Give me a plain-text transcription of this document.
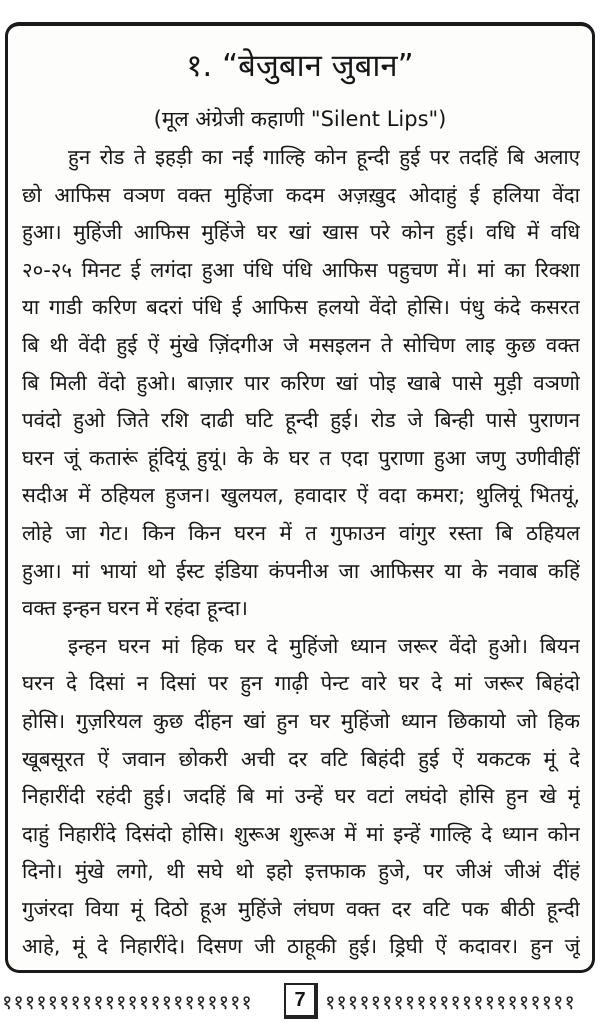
१. “बेजुबान जुबान”
(मूल अंग्रेजी कहाणी "Silent Lips")
हुन रोड ते इहड़ी का नईं गाल्हि कोन हून्दी हुई पर तदहिं बि अलाए
छो आफिस वञण वक्त मुहिंजा कदम अज़ख़ुद ओदाहुं ई हलिया वेंदा
हुआ। मुहिंजी आफिस मुहिंजे घर खां खास परे कोन हुई। वधि में वधि
२०-२५ मिनट ई लगंदा हुआ पंधि पंधि आफिस पहुचण में। मां का रिक्शा
या गाडी करिण बदरां पंधि ई आफिस हलयो वेंदो होसि। पंधु कंदे कसरत
बि थी वेंदी हुई ऐं मुंखे ज़िंदगीअ जे मसइलन ते सोचिण लाइ कुछ वक्त
बि मिली वेंदो हुओ। बाज़ार पार करिण खां पोइ खाबे पासे मुड़ी वञणो
पवंदो हुओ जिते रशि दाढी घटि हून्दी हुई। रोड जे बिन्ही पासे पुराणन
घरन जूं कतारूं हूंदियूं हुयूं। के के घर त एदा पुराणा हुआ जणु उणीवीहीं
सदीअ में ठहियल हुजन। खुलयल, हवादार ऐं वदा कमरा; थुलियूं भितयूं,
लोहे जा गेट। किन किन घरन में त गुफाउन वांगुर रस्ता बि ठहियल
हुआ। मां भायां थो ईस्ट इंडिया कंपनीअ जा आफिसर या के नवाब कहिं
वक्त इन्हन घरन में रहंदा हून्दा।
इन्हन घरन मां हिक घर दे मुहिंजो ध्यान जरूर वेंदो हुओ। बियन
घरन दे दिसां न दिसां पर हुन गाढ़ी पेन्ट वारे घर दे मां जरूर बिहंदो
होसि। गुज़रियल कुछ दींहन खां हुन घर मुहिंजो ध्यान छिकायो जो हिक
खूबसूरत ऐं जवान छोकरी अची दर वटि बिहंदी हुई ऐं यकटक मूं दे
निहारींदी रहंदी हुई। जदहिं बि मां उन्हें घर वटां लघंदो होसि हुन खे मूं
दाहुं निहारींदे दिसंदो होसि। शुरूअ शुरूअ में मां इन्हें गाल्हि दे ध्यान कोन
दिनो। मुंखे लगो, थी सघे थो इहो इत्तफाक हुजे, पर जीअं जीअं दींहं
गुजंरदा विया मूं दिठो हूअ मुहिंजे लंघण वक्त दर वटि पक बीठी हून्दी
आहे, मूं दे निहारींदे। दिसण जी ठाहूकी हुई। ड्रिघी ऐं कदावर। हुन जूं
११११११११११११११११११११११	7 ११११११११११११११११११११११
